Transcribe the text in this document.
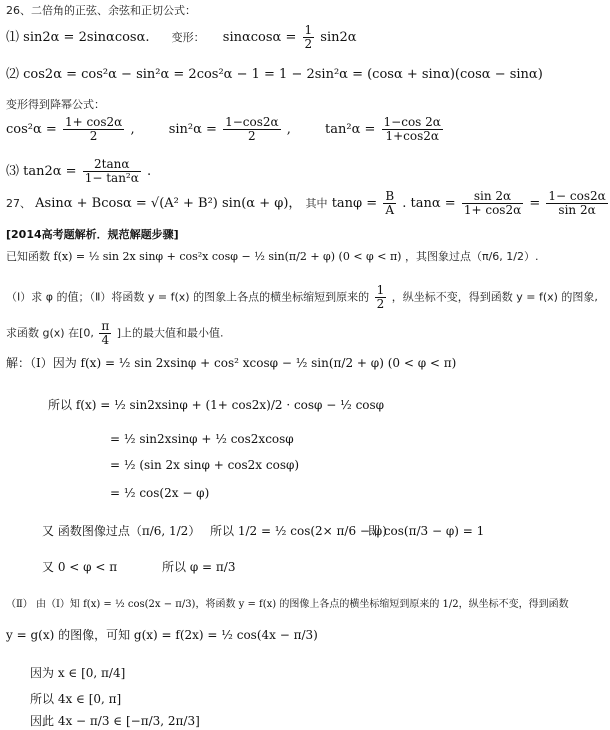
26、二倍角的正弦、余弦和正切公式：
⑴ sin2α = 2sinαcosα. 变形： $\sin\alpha\cos\alpha = \frac{1}{2} \sin 2\alpha$
⑵ cos2α = cos²α − sin²α = 2cos²α − 1 = 1 − 2sin²α = (cosα + sinα)(cosα − sinα)
变形得到降幂公式：
$\cos^2\alpha = \frac{1+ \cos 2\alpha}{2}$ ,	$\sin^2\alpha = \frac{1-\cos 2\alpha}{2}$ ,	$\tan^2\alpha = \frac{1-\cos 2\alpha}{1+\cos 2\alpha}$
⑶ $\tan 2\alpha = \frac{2\tan\alpha}{\text{1− tan²α}}$ .
27、 Asinα + Bcosα = √(A² + B²) sin(α + φ)， 其中 $\tan\varphi = \frac{B}{A}$ . $\tan\alpha = \frac{\sin 2\alpha}{1+ \cos 2\alpha} = \frac{1- \cos 2\alpha}{\sin 2\alpha}$
[2014高考题解析．规范解题步骤]
已知函数 f(x) = ½ sin 2x sinφ + cos²x cosφ − ½ sin(π/2 + φ) (0 < φ < π) ，其图象过点（π/6, 1/2）.
（Ⅰ）求 φ 的值；（Ⅱ）将函数 y = f(x) 的图象上各点的横坐标缩短到原来的 $\frac{1}{2}$ ，纵坐标不变，得到函数 y = f(x) 的图象,
求函数 g(x) 在[0, $\frac{\pi}{4}$ ]上的最大值和最小值.
解：（Ⅰ）因为 f(x) = ½ sin 2xsinφ + cos² xcosφ − ½ sin(π/2 + φ) (0 < φ < π)
所以 f(x) = ½ sin2xsinφ + (1+ cos2x)/2 · cosφ − ½ cosφ
= ½ sin2xsinφ + ½ cos2xcosφ
= ½ (sin 2x sinφ + cos2x cosφ)
= ½ cos(2x − φ)
又 函数图像过点（π/6, 1/2） 所以 1/2 = ½ cos(2× π/6 − φ)
即 cos(π/3 − φ) = 1
又 0 < φ < π	所以 φ = π/3
（Ⅱ） 由（Ⅰ）知 f(x) = ½ cos(2x − π/3)，将函数 y = f(x) 的图像上各点的横坐标缩短到原来的 1/2，纵坐标不变，得到函数
y = g(x) 的图像，可知 g(x) = f(2x) = ½ cos(4x − π/3)
因为 x ∈ [0, π/4]
所以 4x ∈ [0, π]
因此 4x − π/3 ∈ [−π/3, 2π/3]
